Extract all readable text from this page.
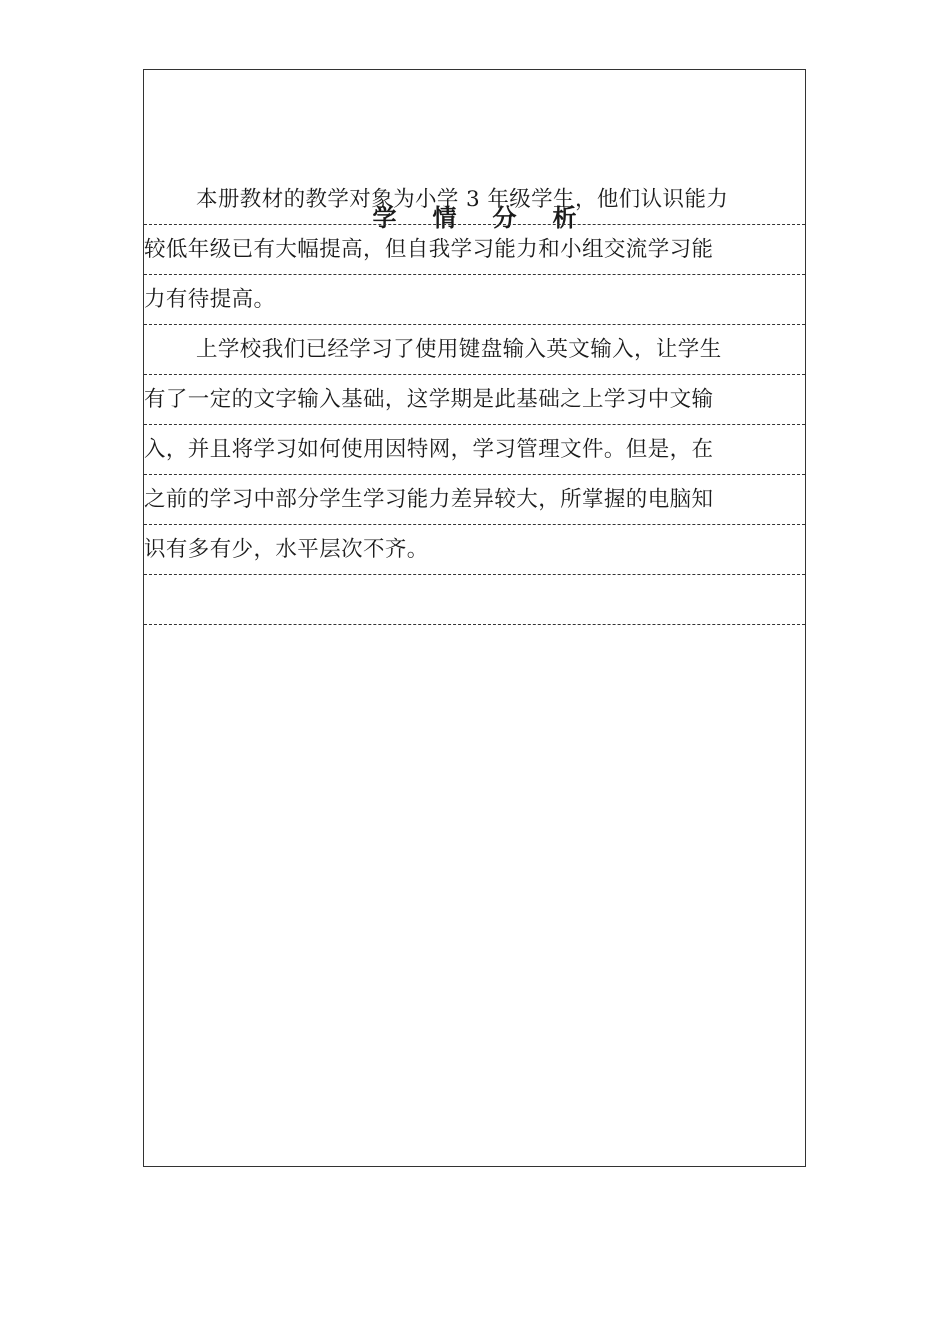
学 情 分 析
本册教材的教学对象为小学 3 年级学生，他们认识能力
较低年级已有大幅提高，但自我学习能力和小组交流学习能
力有待提高。
上学校我们已经学习了使用键盘输入英文输入，让学生
有了一定的文字输入基础，这学期是此基础之上学习中文输
入，并且将学习如何使用因特网，学习管理文件。但是，在
之前的学习中部分学生学习能力差异较大，所掌握的电脑知
识有多有少，水平层次不齐。
